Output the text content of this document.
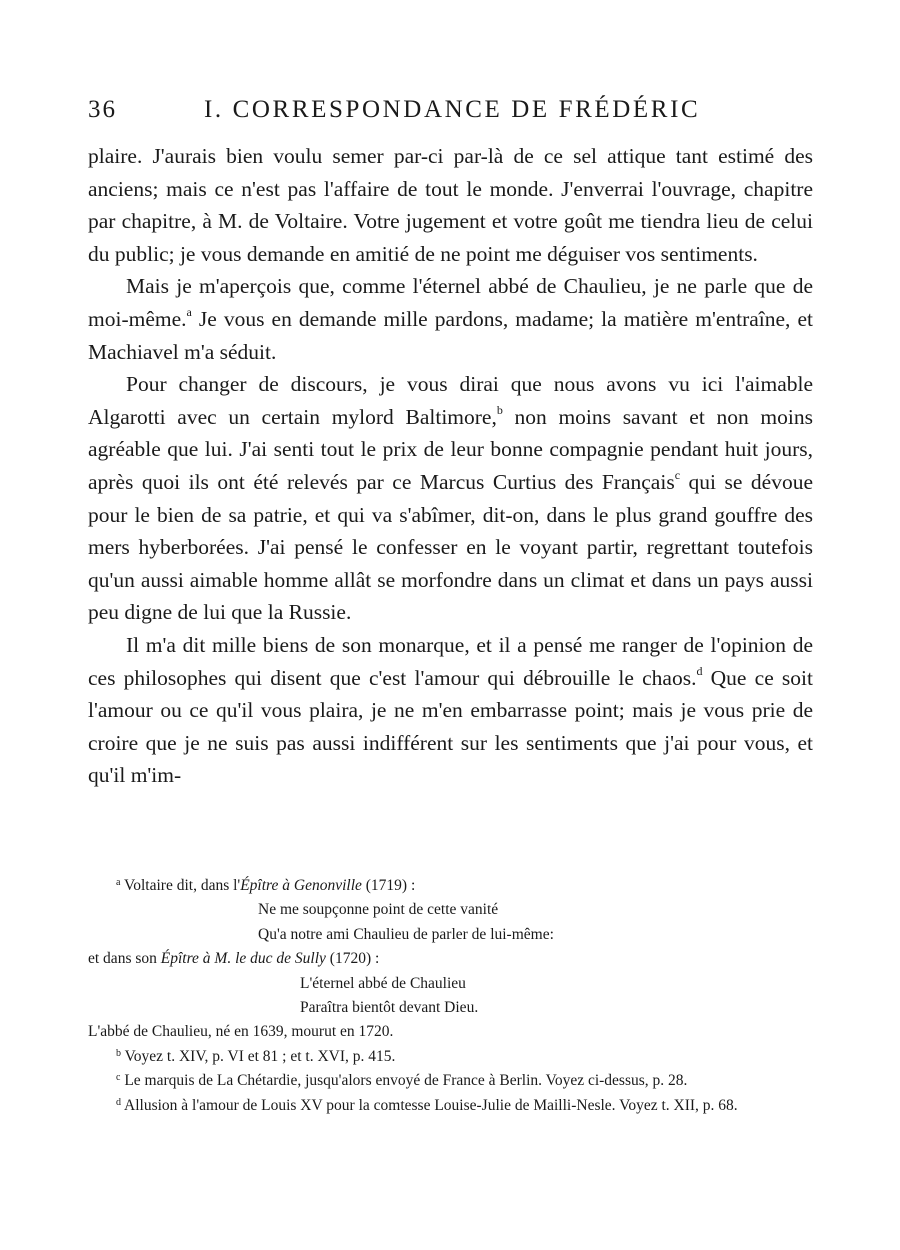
36	I. CORRESPONDANCE DE FRÉDÉRIC

plaire. J'aurais bien voulu semer par-ci par-là de ce sel attique tant estimé des anciens; mais ce n'est pas l'affaire de tout le monde. J'enverrai l'ouvrage, chapitre par chapitre, à M. de Voltaire. Votre jugement et votre goût me tiendra lieu de celui du public; je vous demande en amitié de ne point me déguiser vos sentiments.

Mais je m'aperçois que, comme l'éternel abbé de Chaulieu, je ne parle que de moi-même.$^a$ Je vous en demande mille pardons, madame; la matière m'entraîne, et Machiavel m'a séduit.

Pour changer de discours, je vous dirai que nous avons vu ici l'aimable Algarotti avec un certain mylord Baltimore,$^b$ non moins savant et non moins agréable que lui. J'ai senti tout le prix de leur bonne compagnie pendant huit jours, après quoi ils ont été relevés par ce Marcus Curtius des Français$^c$ qui se dévoue pour le bien de sa patrie, et qui va s'abîmer, dit-on, dans le plus grand gouffre des mers hyberborées. J'ai pensé le confesser en le voyant partir, regrettant toutefois qu'un aussi aimable homme allât se morfondre dans un climat et dans un pays aussi peu digne de lui que la Russie.

Il m'a dit mille biens de son monarque, et il a pensé me ranger de l'opinion de ces philosophes qui disent que c'est l'amour qui débrouille le chaos.$^d$ Que ce soit l'amour ou ce qu'il vous plaira, je ne m'en embarrasse point; mais je vous prie de croire que je ne suis pas aussi indifférent sur les sentiments que j'ai pour vous, et qu'il m'im-

$^a$ Voltaire dit, dans l'Épître à Genonville (1719) :

Ne me soupçonne point de cette vanité

Qu'a notre ami Chaulieu de parler de lui-même:

et dans son Épître à M. le duc de Sully (1720) :

L'éternel abbé de Chaulieu

Paraîtra bientôt devant Dieu.

L'abbé de Chaulieu, né en 1639, mourut en 1720.

$^b$ Voyez t. XIV, p. VI et 81 ; et t. XVI, p. 415.

$^c$ Le marquis de La Chétardie, jusqu'alors envoyé de France à Berlin. Voyez ci-dessus, p. 28.

$^d$ Allusion à l'amour de Louis XV pour la comtesse Louise-Julie de Mailli-Nesle. Voyez t. XII, p. 68.
